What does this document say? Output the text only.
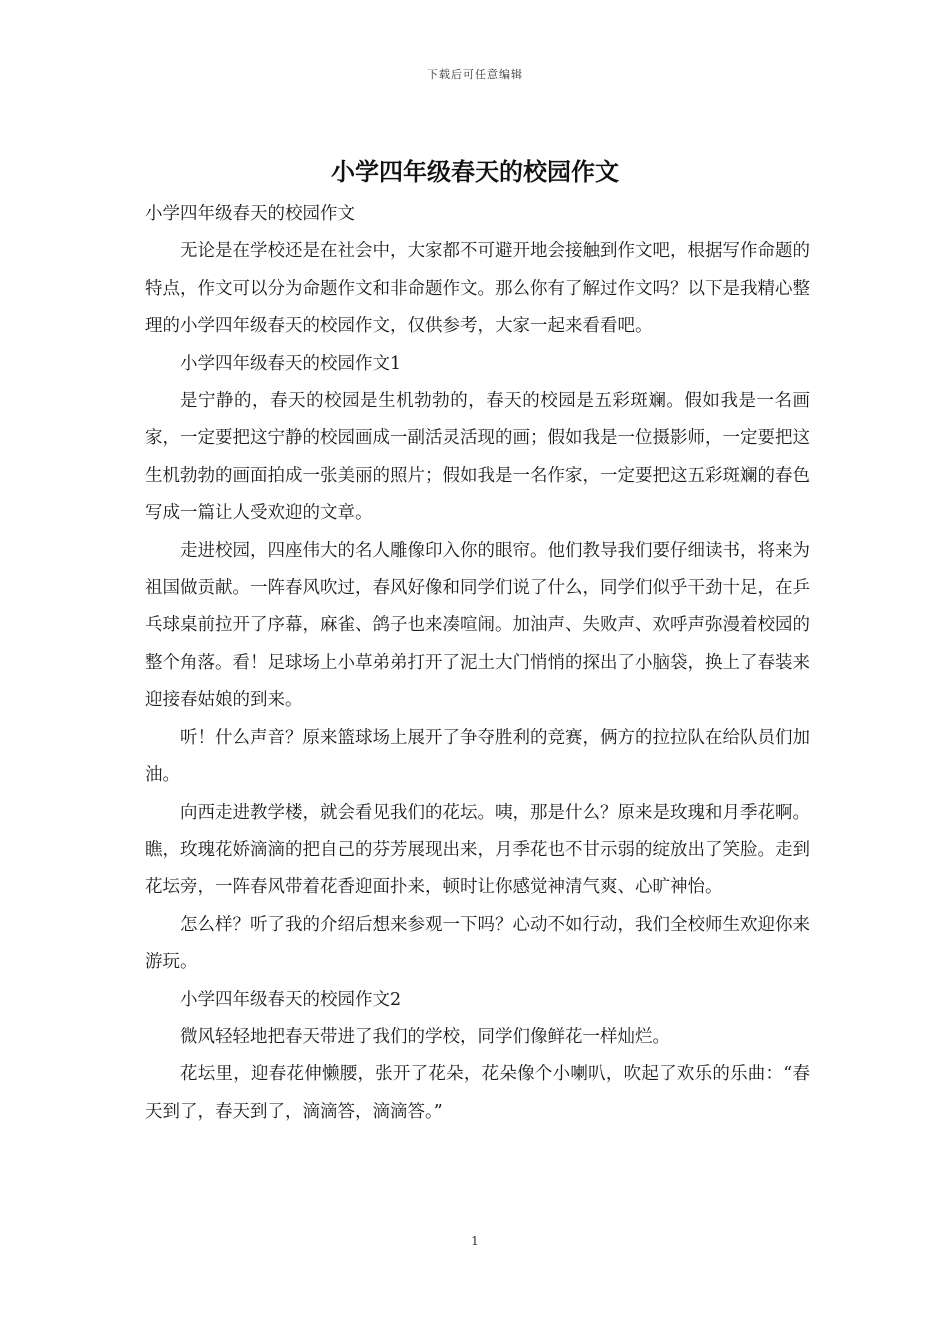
下载后可任意编辑
小学四年级春天的校园作文

小学四年级春天的校园作文

无论是在学校还是在社会中，大家都不可避开地会接触到作文吧，根据写作命题的特点，作文可以分为命题作文和非命题作文。那么你有了解过作文吗？以下是我精心整理的小学四年级春天的校园作文，仅供参考，大家一起来看看吧。

小学四年级春天的校园作文1

是宁静的，春天的校园是生机勃勃的，春天的校园是五彩斑斓。假如我是一名画家，一定要把这宁静的校园画成一副活灵活现的画；假如我是一位摄影师，一定要把这生机勃勃的画面拍成一张美丽的照片；假如我是一名作家，一定要把这五彩斑斓的春色写成一篇让人受欢迎的文章。

走进校园，四座伟大的名人雕像印入你的眼帘。他们教导我们要仔细读书，将来为祖国做贡献。一阵春风吹过，春风好像和同学们说了什么，同学们似乎干劲十足，在乒乓球桌前拉开了序幕，麻雀、鸽子也来凑喧闹。加油声、失败声、欢呼声弥漫着校园的整个角落。看！足球场上小草弟弟打开了泥土大门悄悄的探出了小脑袋，换上了春装来迎接春姑娘的到来。

听！什么声音？原来篮球场上展开了争夺胜利的竞赛，俩方的拉拉队在给队员们加油。

向西走进教学楼，就会看见我们的花坛。咦，那是什么？原来是玫瑰和月季花啊。瞧，玫瑰花娇滴滴的把自己的芬芳展现出来，月季花也不甘示弱的绽放出了笑脸。走到花坛旁，一阵春风带着花香迎面扑来，顿时让你感觉神清气爽、心旷神怡。

怎么样？听了我的介绍后想来参观一下吗？心动不如行动，我们全校师生欢迎你来游玩。

小学四年级春天的校园作文2

微风轻轻地把春天带进了我们的学校，同学们像鲜花一样灿烂。

花坛里，迎春花伸懒腰，张开了花朵，花朵像个小喇叭，吹起了欢乐的乐曲：“春天到了，春天到了，滴滴答，滴滴答。”

1
